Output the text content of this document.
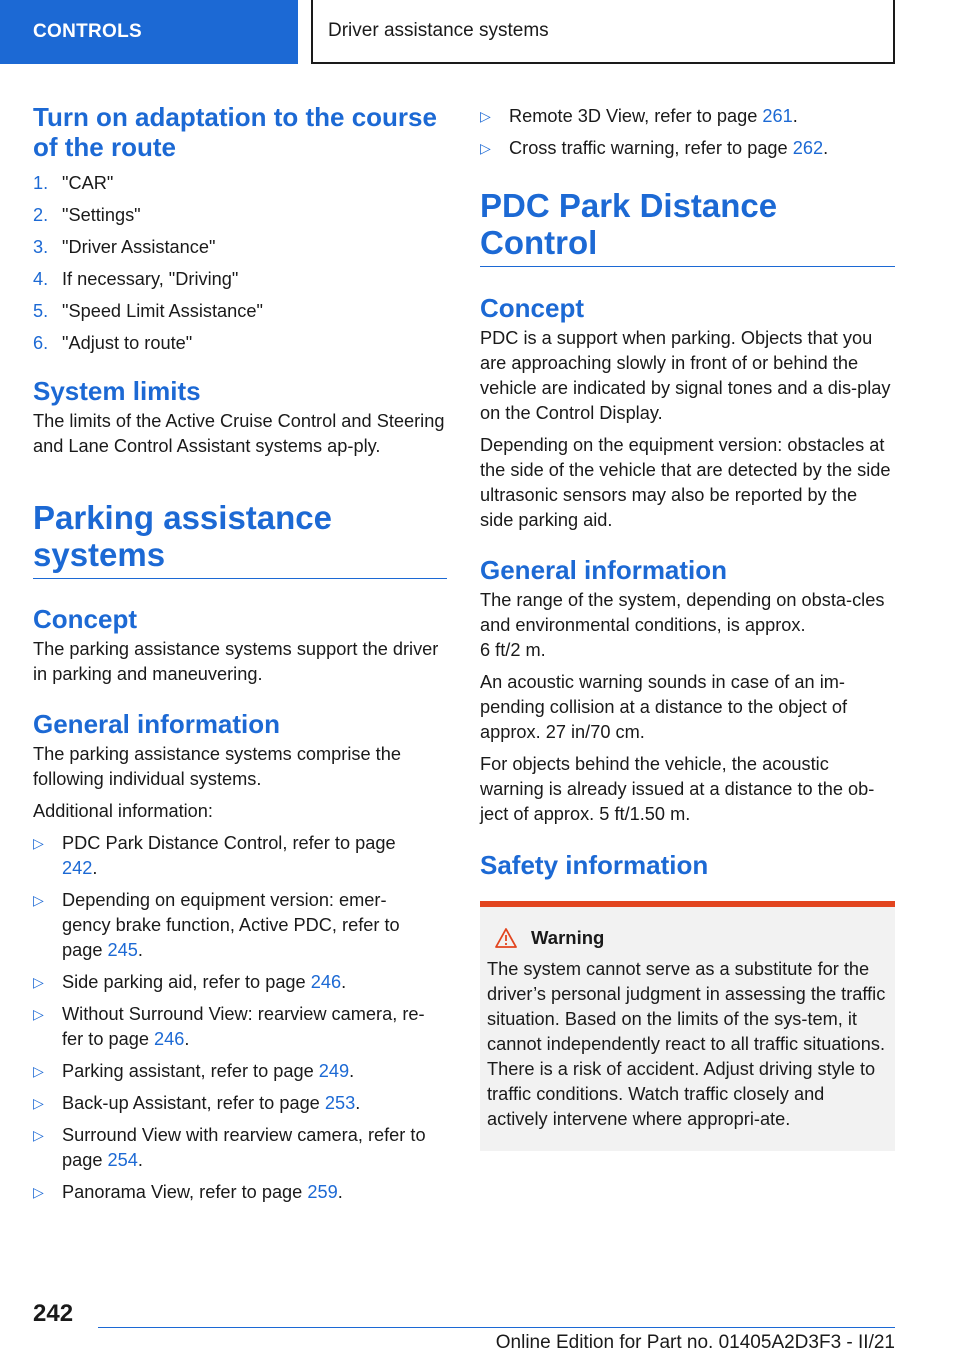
CONTROLS	Driver assistance systems
Turn on adaptation to the course
of the route
1. "CAR"
2. "Settings"
3. "Driver Assistance"
4. If necessary, "Driving"
5. "Speed Limit Assistance"
6. "Adjust to route"
System limits

The limits of the Active Cruise Control and Steering and Lane Control Assistant systems ap‐ply.

Parking assistance
systems
Concept

The parking assistance systems support the driver in parking and maneuvering.

General information

The parking assistance systems comprise the following individual systems.

Additional information:

▷	PDC Park Distance Control, refer to page 242.
▷	Depending on equipment version: emer‐gency brake function, Active PDC, refer to page 245.
▷	Side parking aid, refer to page 246.
▷	Without Surround View: rearview camera, re‐fer to page 246.
▷	Parking assistant, refer to page 249.
▷	Back-up Assistant, refer to page 253.
▷	Surround View with rearview camera, refer to page 254.
▷	Panorama View, refer to page 259.
▷	Remote 3D View, refer to page 261.
▷	Cross traffic warning, refer to page 262.
PDC Park Distance Control
Concept

PDC is a support when parking. Objects that you are approaching slowly in front of or behind the vehicle are indicated by signal tones and a dis‐play on the Control Display.

Depending on the equipment version: obstacles at the side of the vehicle that are detected by the side ultrasonic sensors may also be reported by the side parking aid.

General information

The range of the system, depending on obsta‐cles and environmental conditions, is approx.
6 ft/2 m.

An acoustic warning sounds in case of an im‐pending collision at a distance to the object of approx. 27 in/70 cm.

For objects behind the vehicle, the acoustic warning is already issued at a distance to the ob‐ject of approx. 5 ft/1.50 m.

Safety information
Warning

The system cannot serve as a substitute for the driver’s personal judgment in assessing the traffic situation. Based on the limits of the sys‐tem, it cannot independently react to all traffic situations. There is a risk of accident. Adjust driving style to traffic conditions. Watch traffic closely and actively intervene where appropri‐ate.

242
Online Edition for Part no. 01405A2D3F3 - II/21
